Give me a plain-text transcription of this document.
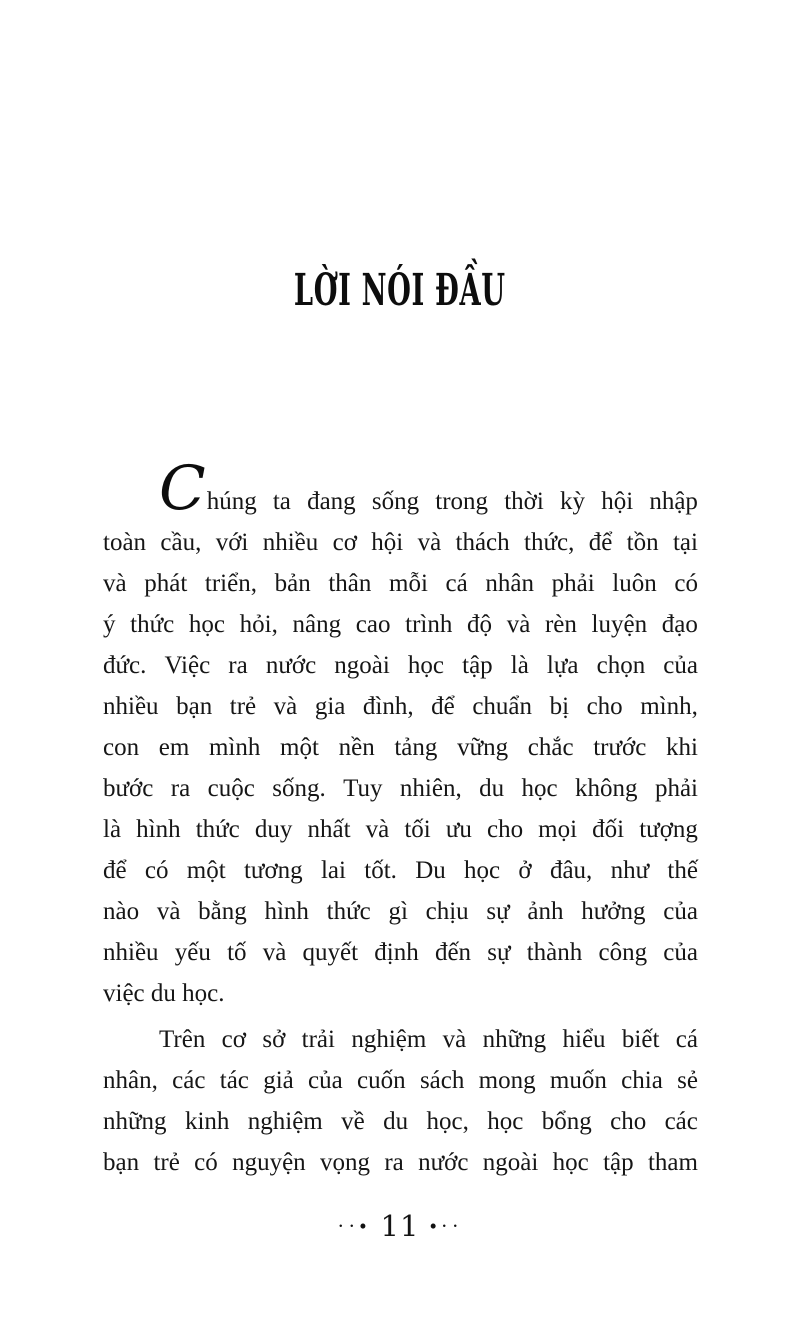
LỜI NÓI ĐẦU
Chúng ta đang sống trong thời kỳ hội nhập
toàn cầu, với nhiều cơ hội và thách thức, để tồn tại
và phát triển, bản thân mỗi cá nhân phải luôn có
ý thức học hỏi, nâng cao trình độ và rèn luyện đạo
đức. Việc ra nước ngoài học tập là lựa chọn của
nhiều bạn trẻ và gia đình, để chuẩn bị cho mình,
con em mình một nền tảng vững chắc trước khi
bước ra cuộc sống. Tuy nhiên, du học không phải
là hình thức duy nhất và tối ưu cho mọi đối tượng
để có một tương lai tốt. Du học ở đâu, như thế
nào và bằng hình thức gì chịu sự ảnh hưởng của
nhiều yếu tố và quyết định đến sự thành công của
việc du học.
Trên cơ sở trải nghiệm và những hiểu biết cá
nhân, các tác giả của cuốn sách mong muốn chia sẻ
những kinh nghiệm về du học, học bổng cho các
bạn trẻ có nguyện vọng ra nước ngoài học tập tham
··• 11 •··
